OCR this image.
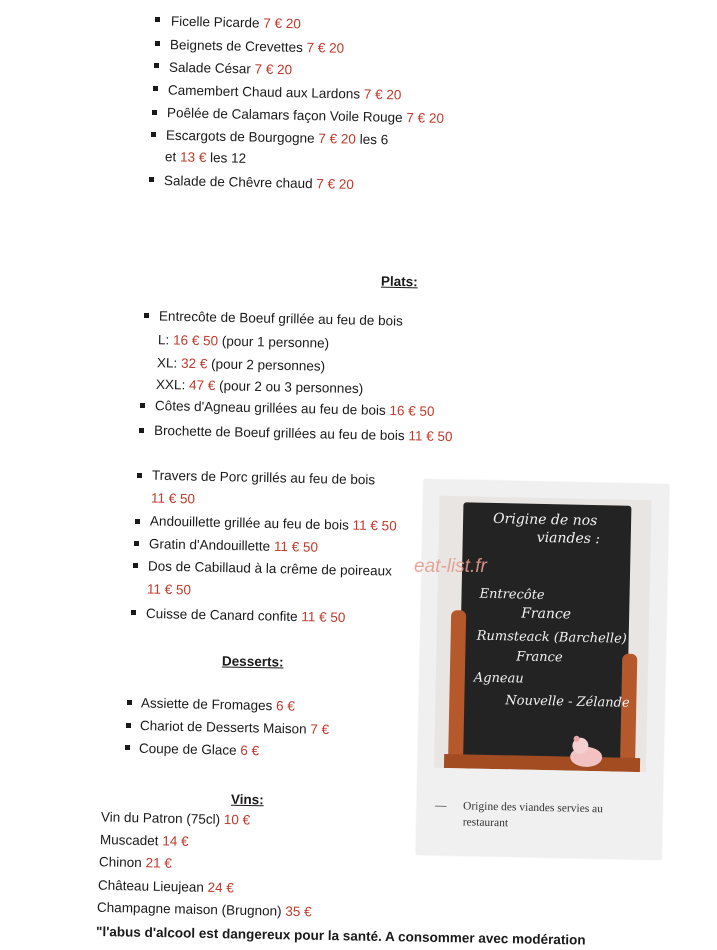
Ficelle Picarde 7 € 20
Beignets de Crevettes 7 € 20
Salade César 7 € 20
Camembert Chaud aux Lardons 7 € 20
Poêlée de Calamars façon Voile Rouge 7 € 20
Escargots de Bourgogne 7 € 20 les 6
et 13 € les 12
Salade de Chêvre chaud 7 € 20
Plats:
Entrecôte de Boeuf grillée au feu de bois
L: 16 € 50 (pour 1 personne)
XL: 32 € (pour 2 personnes)
XXL: 47 € (pour 2 ou 3 personnes)
Côtes d'Agneau grillées au feu de bois 16 € 50
Brochette de Boeuf grillées au feu de bois 11 € 50
Travers de Porc grillés au feu de bois
11 € 50
Andouillette grillée au feu de bois 11 € 50
Gratin d'Andouillette 11 € 50
Dos de Cabillaud à la crême de poireaux
11 € 50
Cuisse de Canard confite 11 € 50
Desserts:
Assiette de Fromages 6 €
Chariot de Desserts Maison 7 €
Coupe de Glace 6 €
Vins:
Vin du Patron (75cl) 10 €
Muscadet 14 €
Chinon 21 €
Château Lieujean 24 €
Champagne maison (Brugnon) 35 €
"l'abus d'alcool est dangereux pour la santé. A consommer avec modération
Origine de nos
viandes :
Entrecôte
France
Rumsteack (Barchelle)
France
Agneau
Nouvelle - Zélande
— Origine des viandes servies au
restaurant
eat-list.fr
